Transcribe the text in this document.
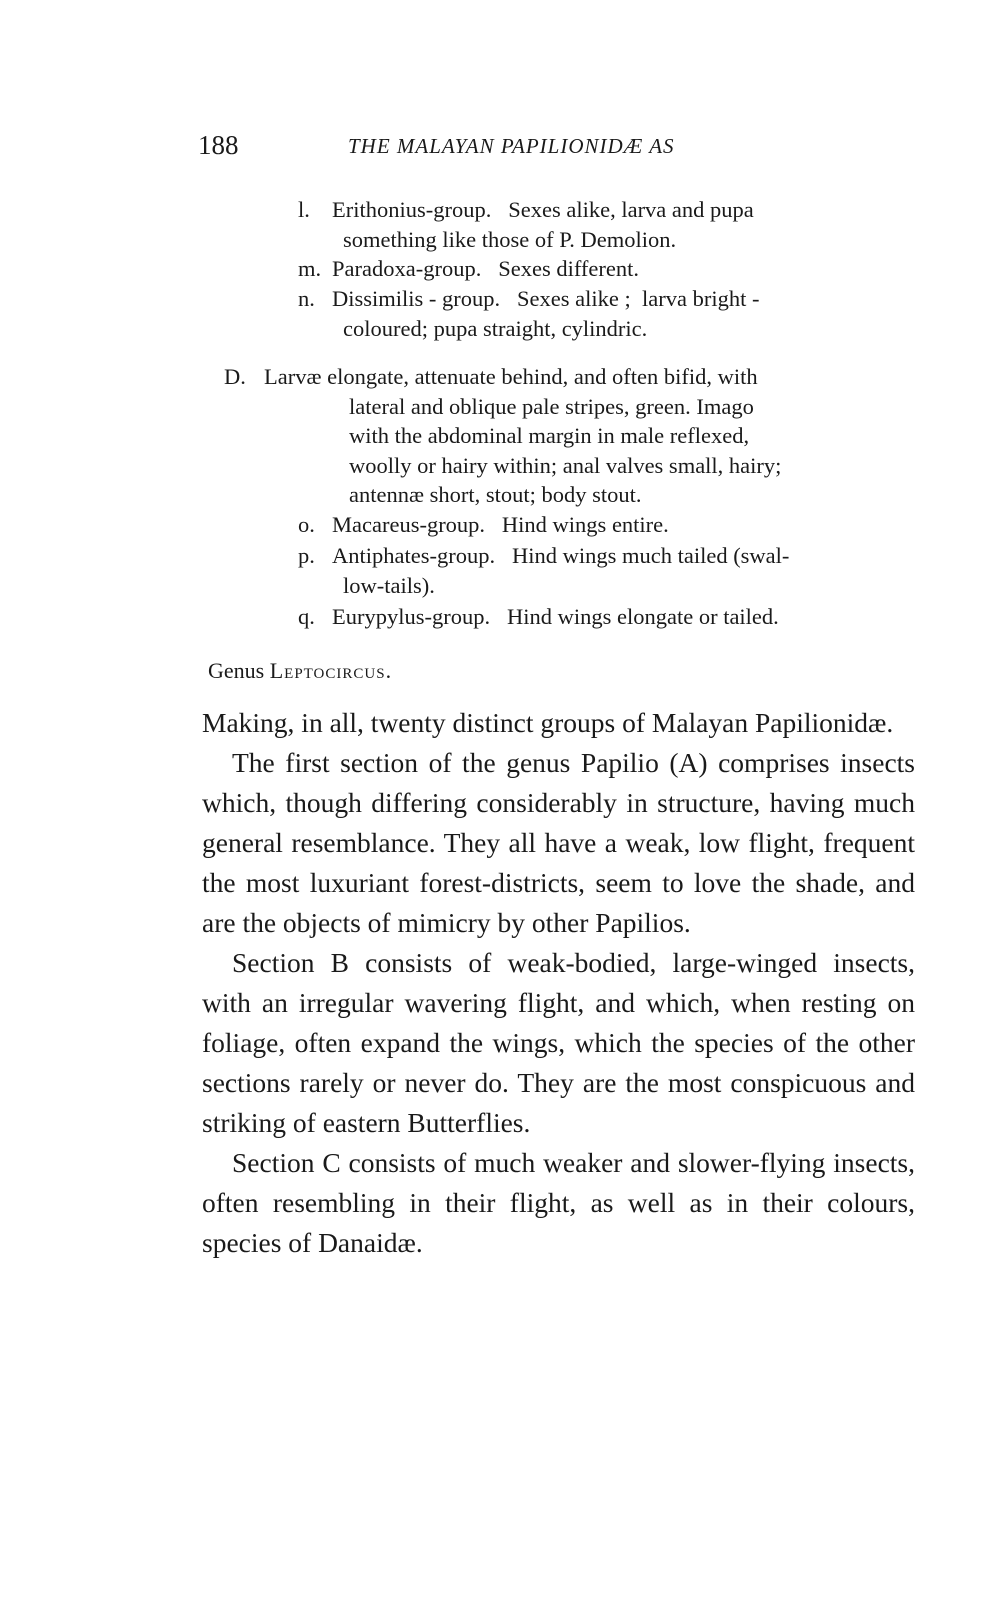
188	THE MALAYAN PAPILIONIDÆ AS
l. Erithonius-group.   Sexes alike, larva and pupa
something like those of P. Demolion.
m. Paradoxa-group.   Sexes different.
n. Dissimilis - group.   Sexes alike ;  larva bright -
coloured; pupa straight, cylindric.
D. Larvæ elongate, attenuate behind, and often bifid, with
lateral and oblique pale stripes, green. Imago
with the abdominal margin in male reflexed,
woolly or hairy within; anal valves small, hairy;
antennæ short, stout; body stout.
o. Macareus-group.   Hind wings entire.
p. Antiphates-group.   Hind wings much tailed (swal-
low-tails).
q. Eurypylus-group.   Hind wings elongate or tailed.
Genus Leptocircus.

Making, in all, twenty distinct groups of Malayan Papilionidæ.

The first section of the genus Papilio (A) comprises insects which, though differing considerably in structure, having much general resemblance. They all have a weak, low flight, frequent the most luxuriant forest-districts, seem to love the shade, and are the objects of mimicry by other Papilios.

Section B consists of weak-bodied, large-winged insects, with an irregular wavering flight, and which, when resting on foliage, often expand the wings, which the species of the other sections rarely or never do. They are the most conspicuous and striking of eastern Butterflies.

Section C consists of much weaker and slower-flying insects, often resembling in their flight, as well as in their colours, species of Danaidæ.
